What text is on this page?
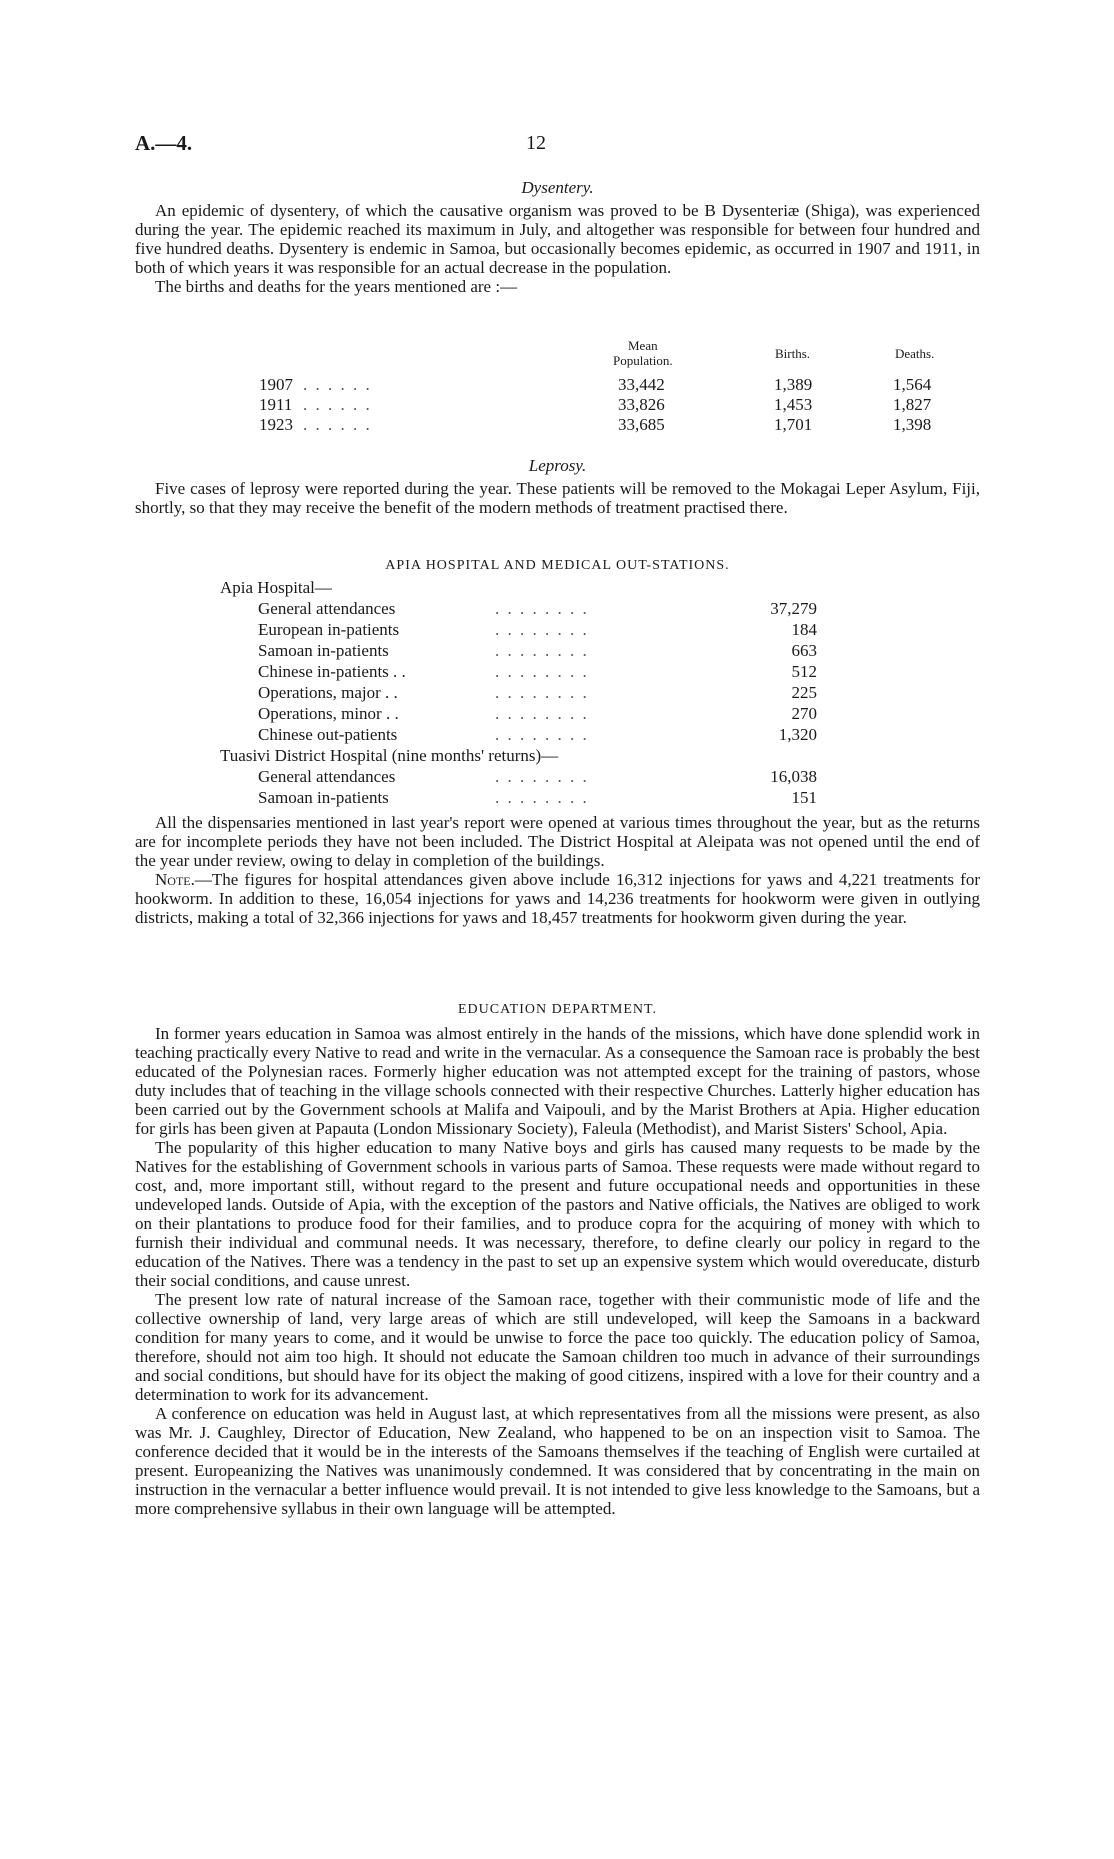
A.—4.	12
Dysentery.

An epidemic of dysentery, of which the causative organism was proved to be B Dysenteriæ (Shiga), was experienced during the year. The epidemic reached its maximum in July, and altogether was responsible for between four hundred and five hundred deaths. Dysentery is endemic in Samoa, but occasionally becomes epidemic, as occurred in 1907 and 1911, in both of which years it was responsible for an actual decrease in the population.

The births and deaths for the years mentioned are :—

Mean
Population.	Births.	Deaths.
1907 . . . . . .	33,442	1,389	1,564
1911 . . . . . .	33,826	1,453	1,827
1923 . . . . . .	33,685	1,701	1,398
Leprosy.

Five cases of leprosy were reported during the year. These patients will be removed to the Mokagai Leper Asylum, Fiji, shortly, so that they may receive the benefit of the modern methods of treatment practised there.

APIA HOSPITAL AND MEDICAL OUT-STATIONS.
Apia Hospital—
General attendances	. . . . . . . .	37,279
European in-patients	. . . . . . . .	184
Samoan in-patients	. . . . . . . .	663
Chinese in-patients . .	. . . . . . . .	512
Operations, major . .	. . . . . . . .	225
Operations, minor . .	. . . . . . . .	270
Chinese out-patients	. . . . . . . .	1,320
Tuasivi District Hospital (nine months' returns)—
General attendances	. . . . . . . .	16,038
Samoan in-patients	. . . . . . . .	151

All the dispensaries mentioned in last year's report were opened at various times throughout the year, but as the returns are for incomplete periods they have not been included. The District Hospital at Aleipata was not opened until the end of the year under review, owing to delay in completion of the buildings.

Note.—The figures for hospital attendances given above include 16,312 injections for yaws and 4,221 treatments for hookworm. In addition to these, 16,054 injections for yaws and 14,236 treatments for hookworm were given in outlying districts, making a total of 32,366 injections for yaws and 18,457 treatments for hookworm given during the year.

EDUCATION DEPARTMENT.

In former years education in Samoa was almost entirely in the hands of the missions, which have done splendid work in teaching practically every Native to read and write in the vernacular. As a consequence the Samoan race is probably the best educated of the Polynesian races. Formerly higher education was not attempted except for the training of pastors, whose duty includes that of teaching in the village schools connected with their respective Churches. Latterly higher education has been carried out by the Government schools at Malifa and Vaipouli, and by the Marist Brothers at Apia. Higher education for girls has been given at Papauta (London Missionary Society), Faleula (Methodist), and Marist Sisters' School, Apia.

The popularity of this higher education to many Native boys and girls has caused many requests to be made by the Natives for the establishing of Government schools in various parts of Samoa. These requests were made without regard to cost, and, more important still, without regard to the present and future occupational needs and opportunities in these undeveloped lands. Outside of Apia, with the exception of the pastors and Native officials, the Natives are obliged to work on their plantations to produce food for their families, and to produce copra for the acquiring of money with which to furnish their individual and communal needs. It was necessary, therefore, to define clearly our policy in regard to the education of the Natives. There was a tendency in the past to set up an expensive system which would overeducate, disturb their social conditions, and cause unrest.

The present low rate of natural increase of the Samoan race, together with their communistic mode of life and the collective ownership of land, very large areas of which are still undeveloped, will keep the Samoans in a backward condition for many years to come, and it would be unwise to force the pace too quickly. The education policy of Samoa, therefore, should not aim too high. It should not educate the Samoan children too much in advance of their surroundings and social conditions, but should have for its object the making of good citizens, inspired with a love for their country and a determination to work for its advancement.

A conference on education was held in August last, at which representatives from all the missions were present, as also was Mr. J. Caughley, Director of Education, New Zealand, who happened to be on an inspection visit to Samoa. The conference decided that it would be in the interests of the Samoans themselves if the teaching of English were curtailed at present. Europeanizing the Natives was unanimously condemned. It was considered that by concentrating in the main on instruction in the vernacular a better influence would prevail. It is not intended to give less knowledge to the Samoans, but a more comprehensive syllabus in their own language will be attempted.
